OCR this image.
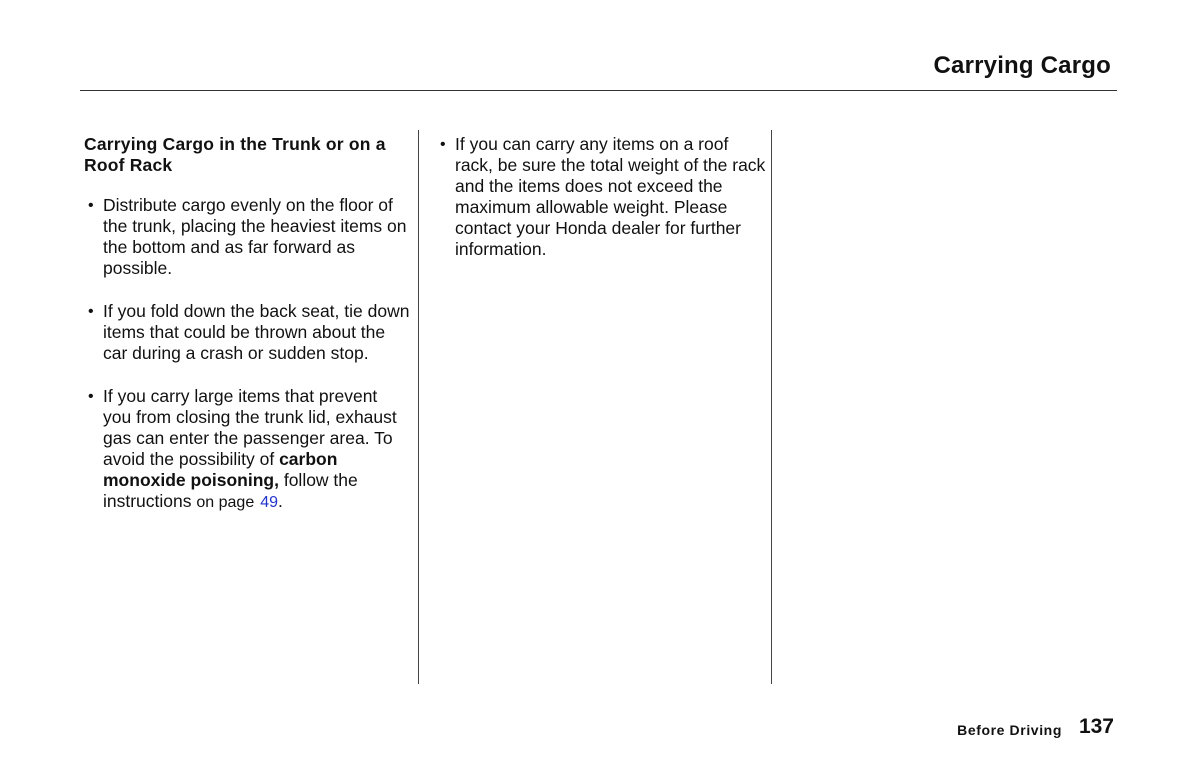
Carrying Cargo
Carrying Cargo in the Trunk or on a Roof Rack
• Distribute cargo evenly on the floor of the trunk, placing the heaviest items on the bottom and as far forward as possible.
• If you fold down the back seat, tie down items that could be thrown about the car during a crash or sudden stop.
• If you carry large items that prevent you from closing the trunk lid, exhaust gas can enter the passenger area. To avoid the possibility of carbon monoxide poisoning, follow the instructions on page 49.
• If you can carry any items on a roof rack, be sure the total weight of the rack and the items does not exceed the maximum allowable weight. Please contact your Honda dealer for further information.
Before Driving 137
